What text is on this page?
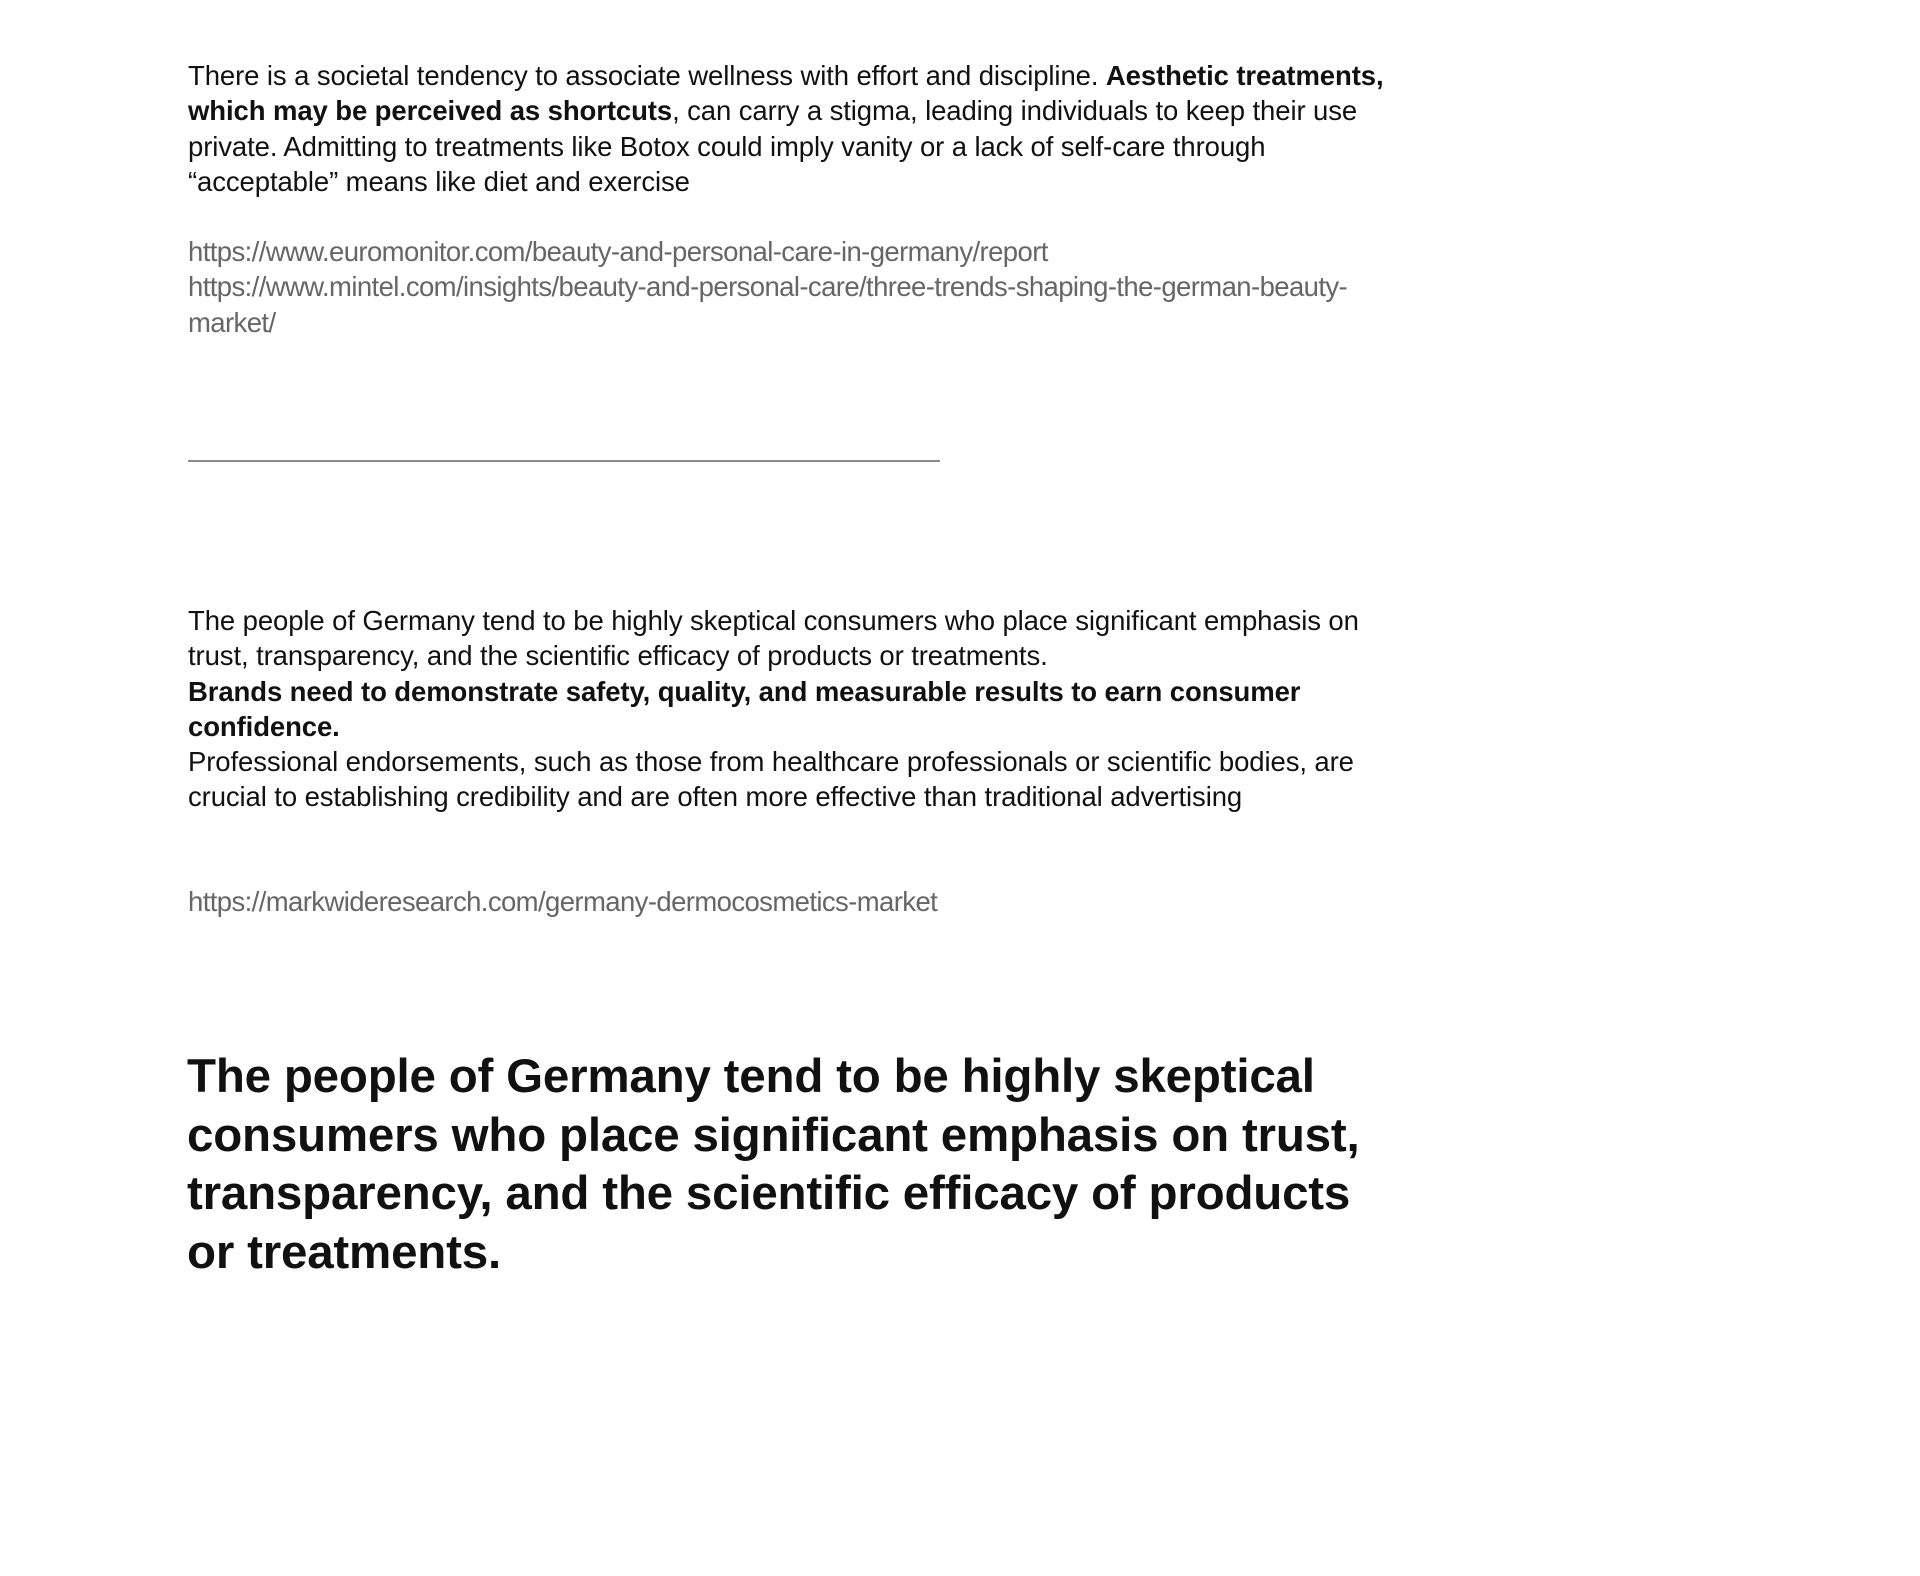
There is a societal tendency to associate wellness with effort and discipline. Aesthetic treatments, which may be perceived as shortcuts, can carry a stigma, leading individuals to keep their use private. Admitting to treatments like Botox could imply vanity or a lack of self-care through “acceptable” means like diet and exercise

https://www.euromonitor.com/beauty-and-personal-care-in-germany/report
https://www.mintel.com/insights/beauty-and-personal-care/three-trends-shaping-the-german-beauty-market/

The people of Germany tend to be highly skeptical consumers who place significant emphasis on trust, transparency, and the scientific efficacy of products or treatments.
Brands need to demonstrate safety, quality, and measurable results to earn consumer confidence.
Professional endorsements, such as those from healthcare professionals or scientific bodies, are crucial to establishing credibility and are often more effective than traditional advertising

https://markwideresearch.com/germany-dermocosmetics-market

The people of Germany tend to be highly skeptical consumers who place significant emphasis on trust, transparency, and the scientific efficacy of products or treatments.
